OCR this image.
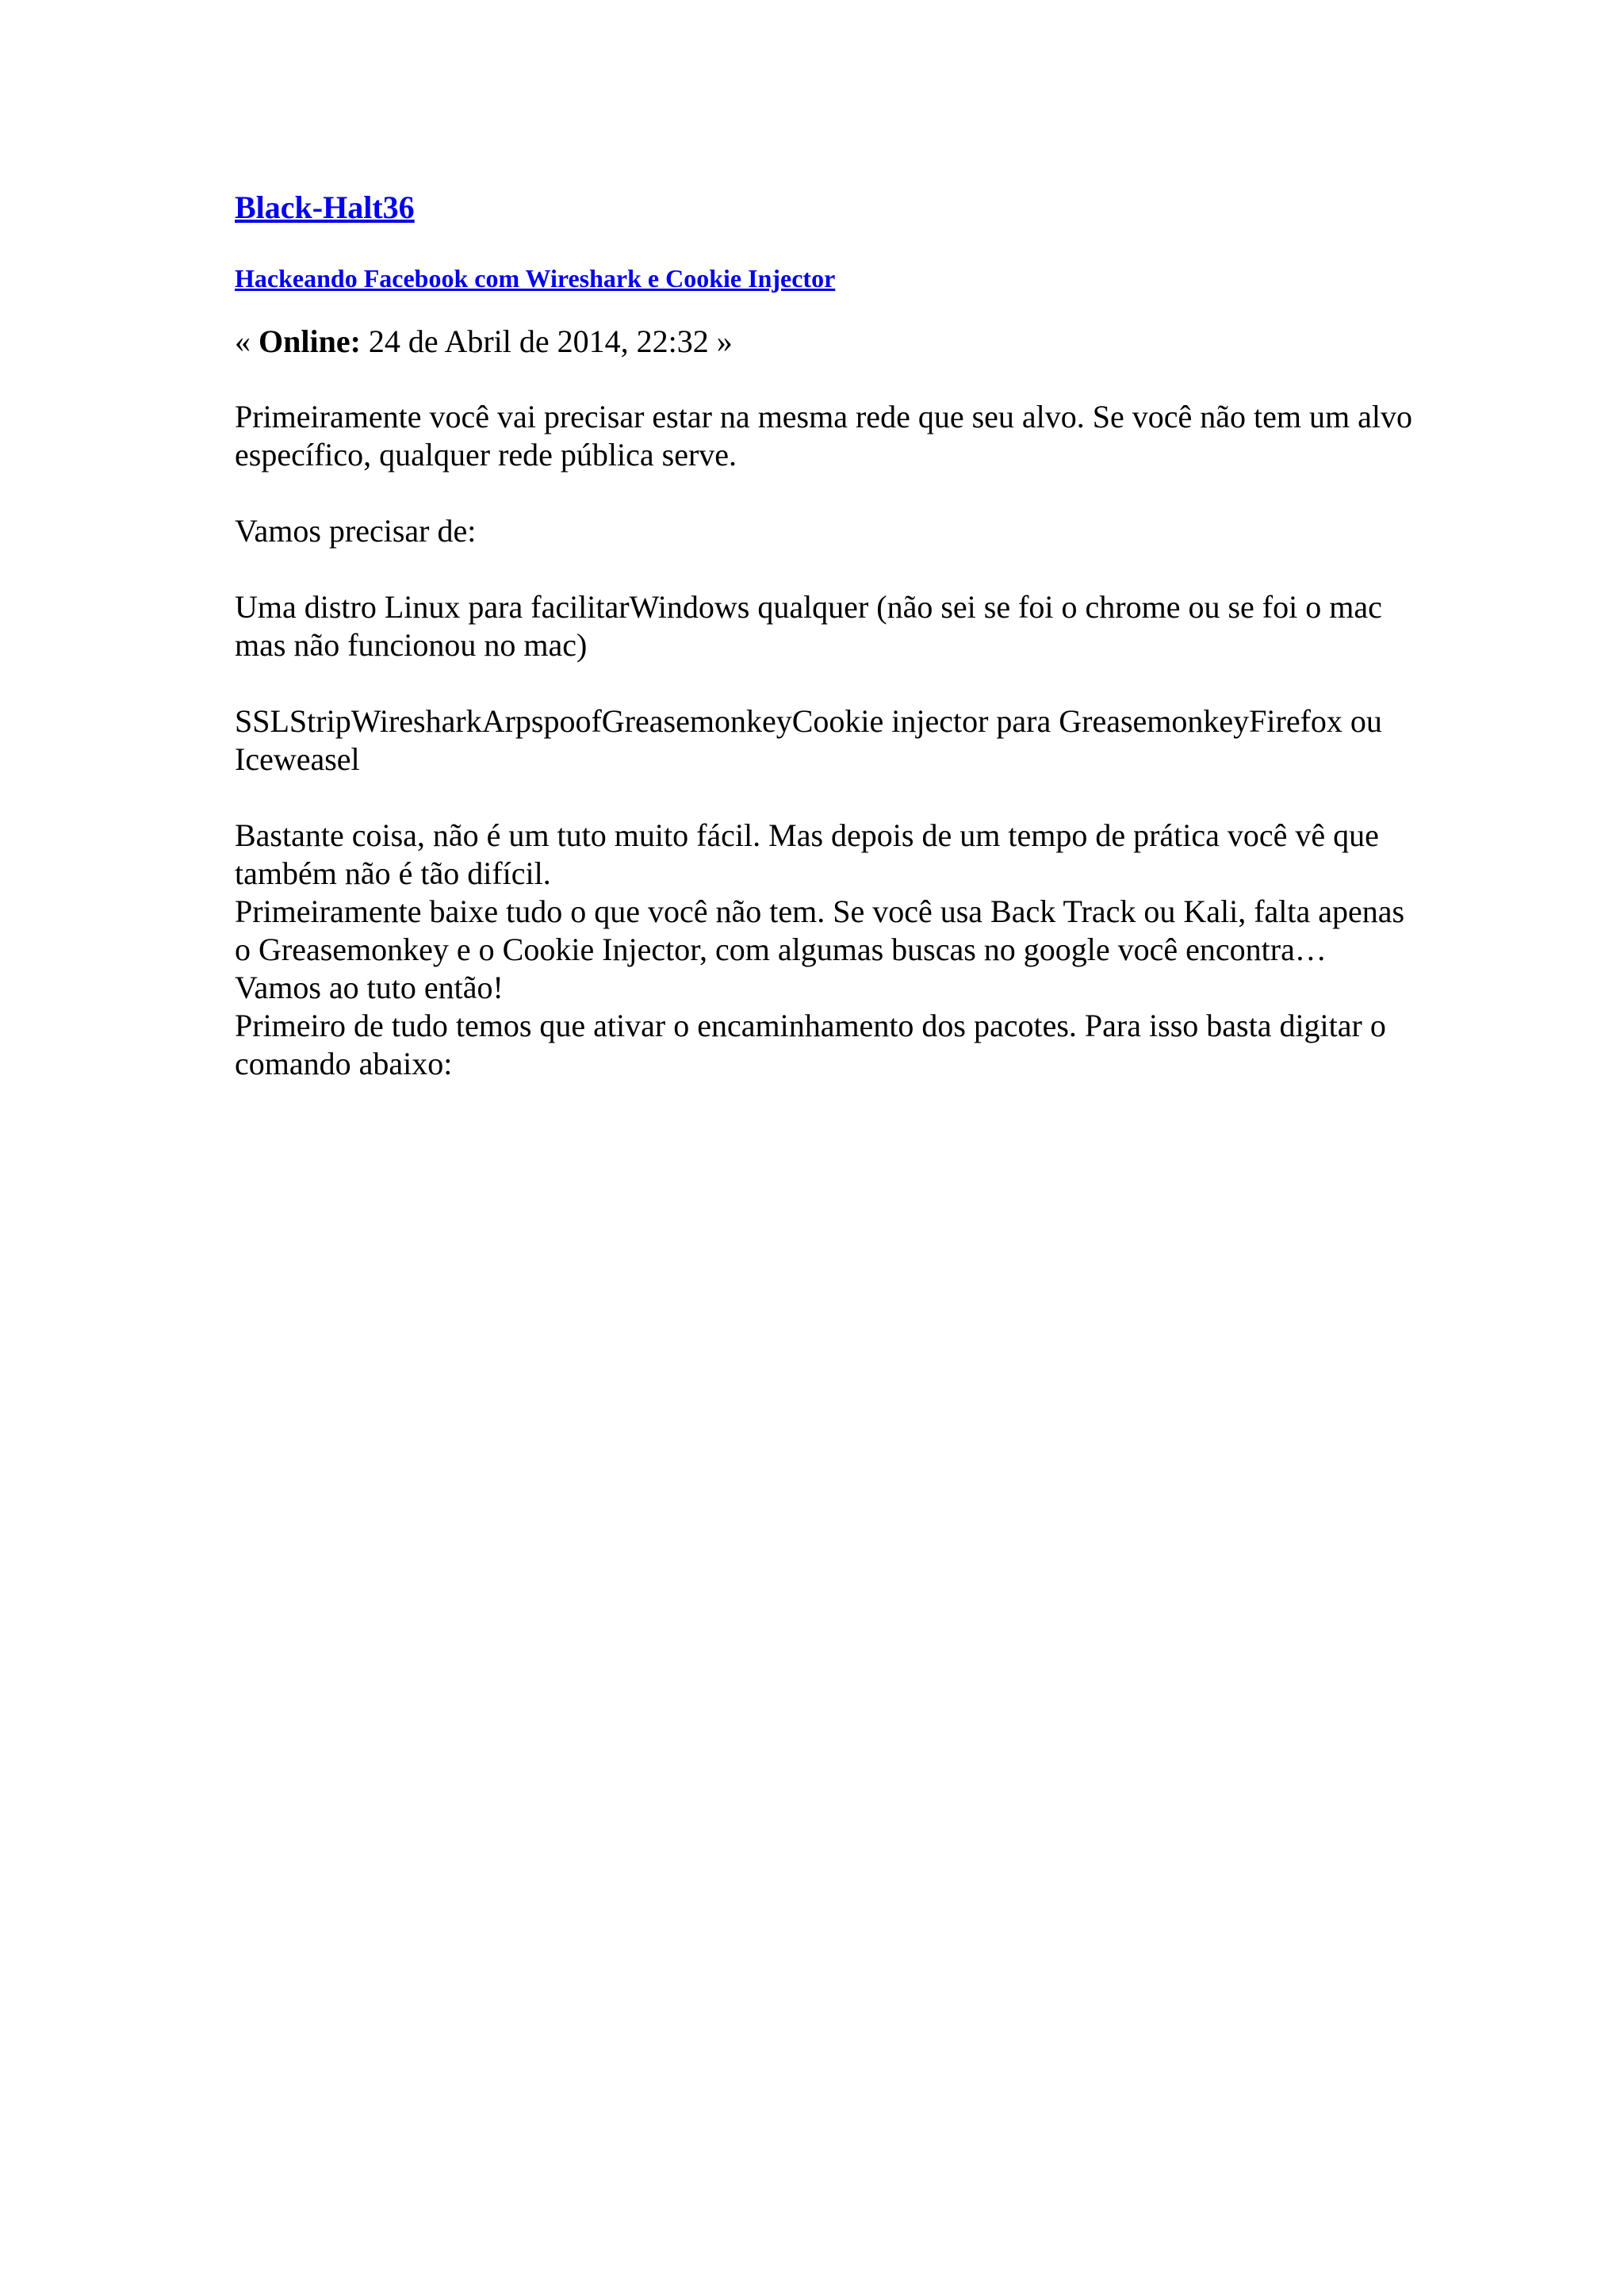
Black-Halt36
Hackeando Facebook com Wireshark e Cookie Injector
« Online: 24 de Abril de 2014, 22:32 »

Primeiramente você vai precisar estar na mesma rede que seu alvo. Se você não tem um alvo específico, qualquer rede pública serve.

Vamos precisar de:

Uma distro Linux para facilitarWindows qualquer (não sei se foi o chrome ou se foi o mac mas não funcionou no mac)

SSLStripWiresharkArpspoofGreasemonkeyCookie injector para GreasemonkeyFirefox ou Iceweasel

Bastante coisa, não é um tuto muito fácil. Mas depois de um tempo de prática você vê que também não é tão difícil.

Primeiramente baixe tudo o que você não tem. Se você usa Back Track ou Kali, falta apenas o Greasemonkey e o Cookie Injector, com algumas buscas no google você encontra…

Vamos ao tuto então!

Primeiro de tudo temos que ativar o encaminhamento dos pacotes. Para isso basta digitar o comando abaixo:
